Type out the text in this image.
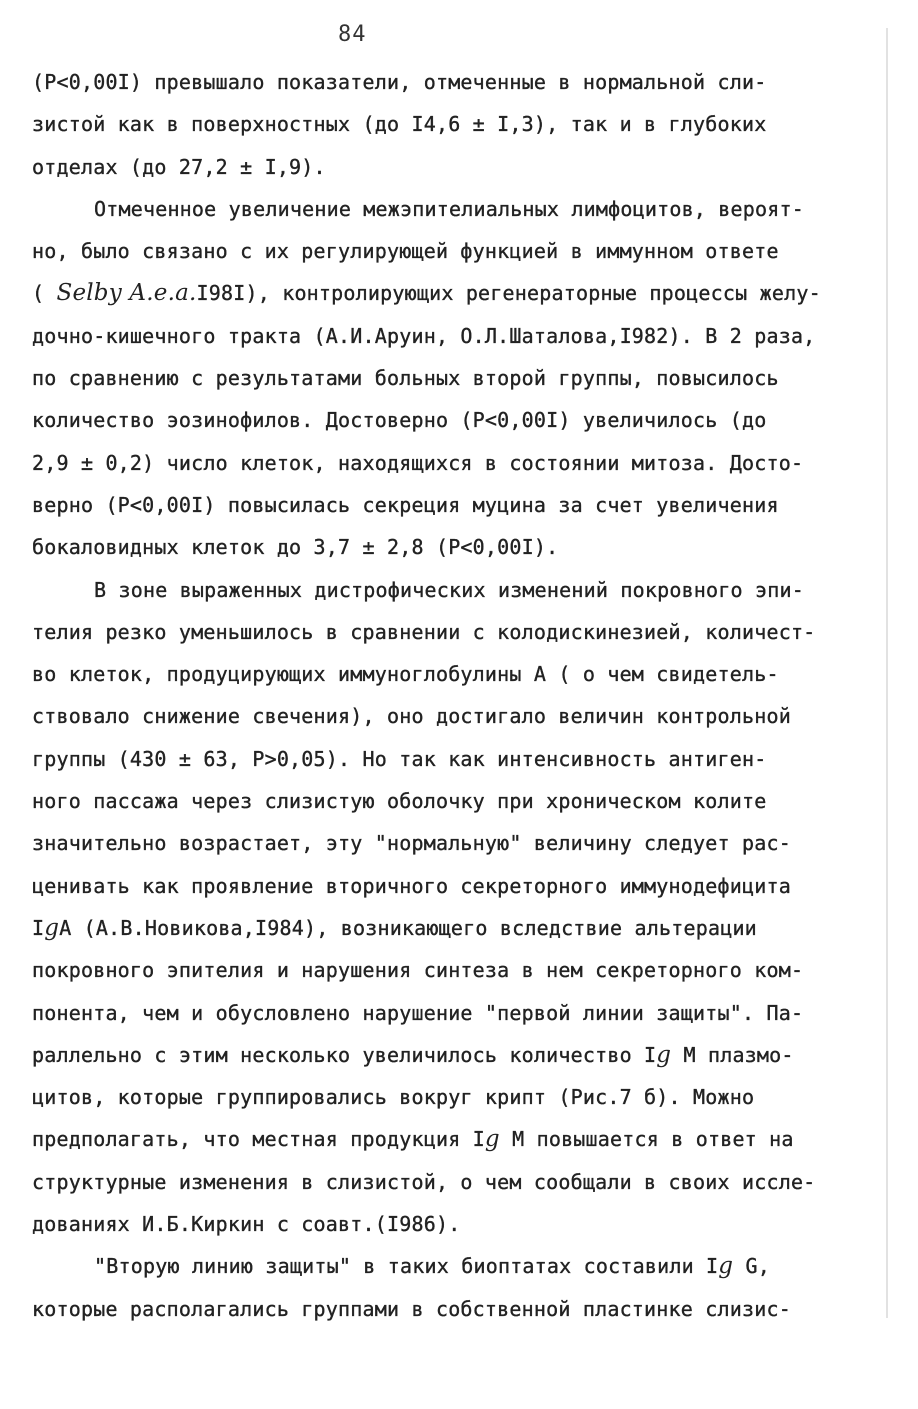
84
(P<0,00I) превышало показатели, отмеченные в нормальной сли-
зистой как в поверхностных (до I4,6 ± I,3), так и в глубоких
отделах (до 27,2 ± I,9).
Отмеченное увеличение межэпителиальных лимфоцитов, вероят-
но, было связано с их регулирующей функцией в иммунном ответе
( Selby A.e.a.I98I), контролирующих регенераторные процессы желу-
дочно-кишечного тракта (А.И.Аруин, О.Л.Шаталова,I982). В 2 раза,
по сравнению с результатами больных второй группы, повысилось
количество эозинофилов. Достоверно (P<0,00I) увеличилось (до
2,9 ± 0,2) число клеток, находящихся в состоянии митоза. Досто-
верно (P<0,00I) повысилась секреция муцина за счет увеличения
бокаловидных клеток до 3,7 ± 2,8 (P<0,00I).
В зоне выраженных дистрофических изменений покровного эпи-
телия резко уменьшилось в сравнении с колодискинезией, количест-
во клеток, продуцирующих иммуноглобулины А ( о чем свидетель-
ствовало снижение свечения), оно достигало величин контрольной
группы (430 ± 63, P>0,05). Но так как интенсивность антиген-
ного пассажа через слизистую оболочку при хроническом колите
значительно возрастает, эту "нормальную" величину следует рас-
ценивать как проявление вторичного секреторного иммунодефицита
IgА (А.В.Новикова,I984), возникающего вследствие альтерации
покровного эпителия и нарушения синтеза в нем секреторного ком-
понента, чем и обусловлено нарушение "первой линии защиты". Па-
раллельно с этим несколько увеличилось количество Ig М плазмо-
цитов, которые группировались вокруг крипт (Рис.7 б). Можно
предполагать, что местная продукция Ig М повышается в ответ на
структурные изменения в слизистой, о чем сообщали в своих иссле-
дованиях И.Б.Киркин с соавт.(I986).
"Вторую линию защиты" в таких биоптатах составили Ig G,
которые располагались группами в собственной пластинке слизис-
